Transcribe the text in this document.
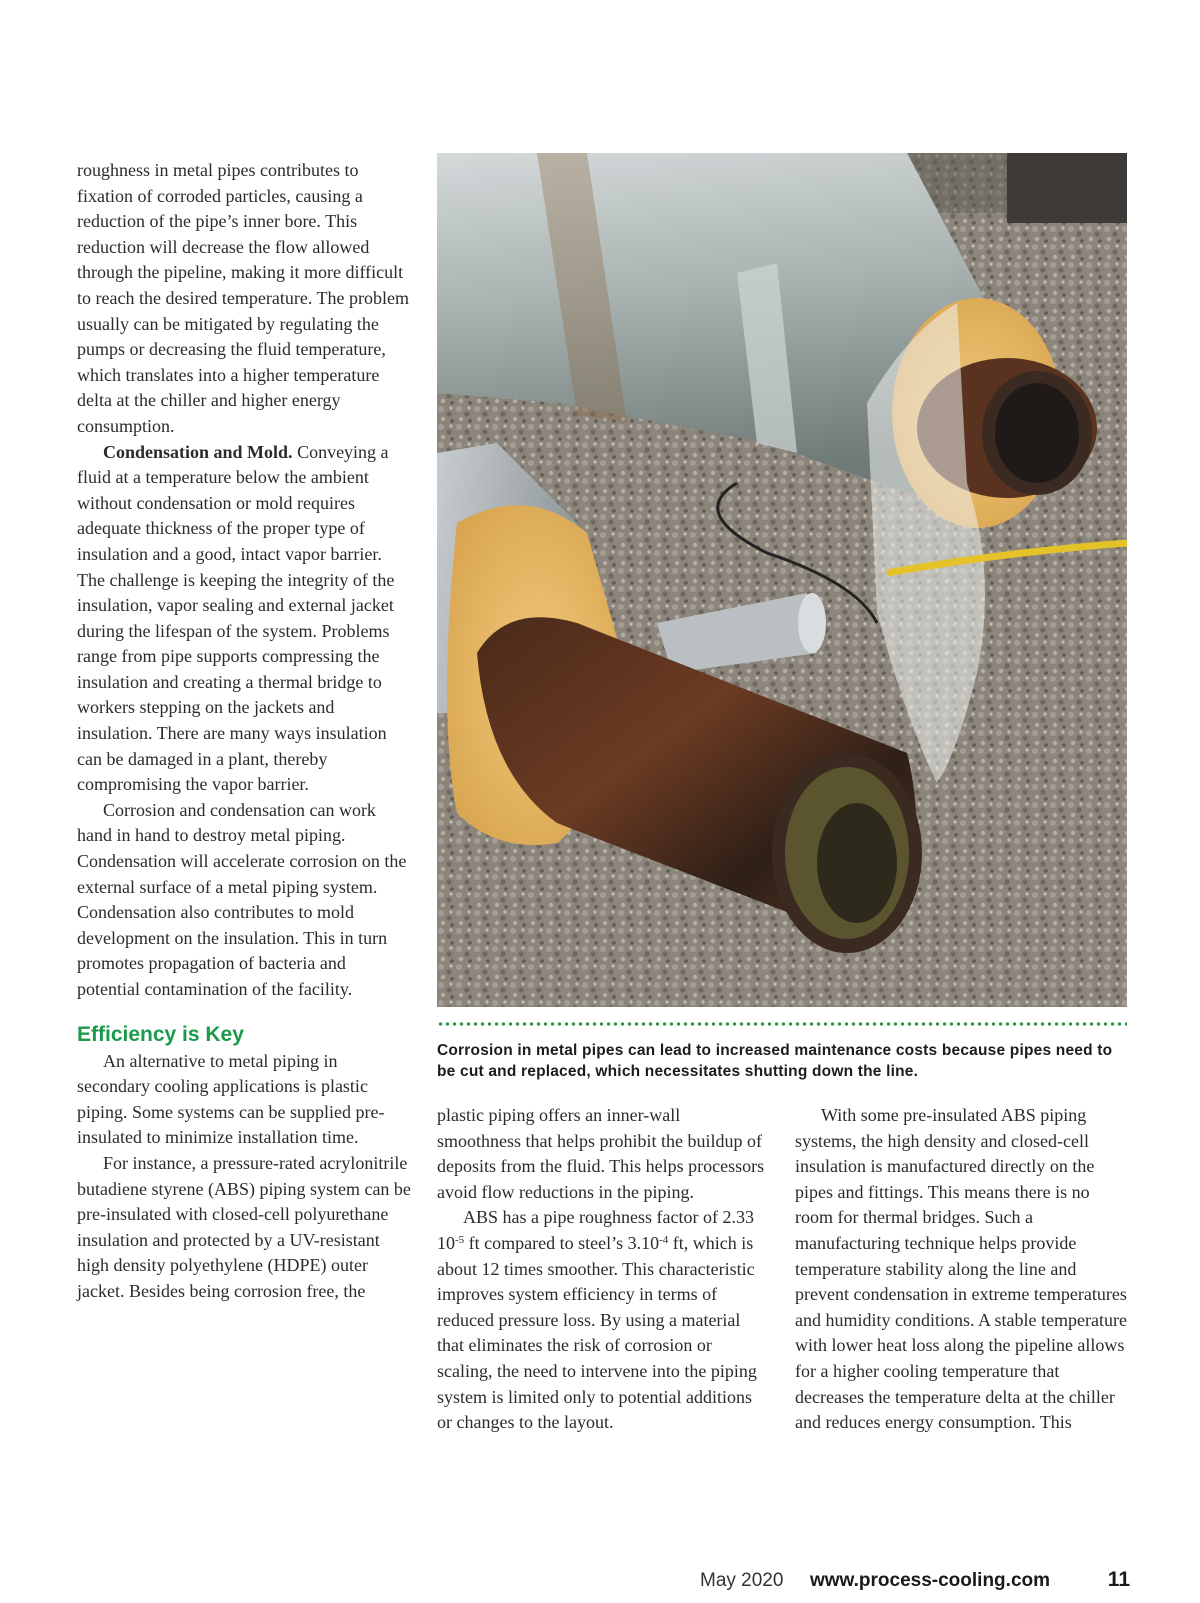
roughness in metal pipes contributes to fixation of corroded particles, causing a reduction of the pipe’s inner bore. This reduction will decrease the flow allowed through the pipeline, making it more difficult to reach the desired temperature. The problem usually can be mitigated by regulating the pumps or decreasing the fluid temperature, which translates into a higher temperature delta at the chiller and higher energy consumption.

Condensation and Mold. Conveying a fluid at a temperature below the ambient without condensation or mold requires adequate thickness of the proper type of insulation and a good, intact vapor barrier. The challenge is keeping the integrity of the insulation, vapor sealing and external jacket during the lifespan of the system. Problems range from pipe supports compressing the insulation and creating a thermal bridge to workers stepping on the jackets and insulation. There are many ways insulation can be damaged in a plant, thereby compromising the vapor barrier.

Corrosion and condensation can work hand in hand to destroy metal piping. Condensation will accelerate corrosion on the external surface of a metal piping system. Condensation also contributes to mold development on the insulation. This in turn promotes propagation of bacteria and potential contamination of the facility.

Efficiency is Key

An alternative to metal piping in secondary cooling applications is plastic piping. Some systems can be supplied pre-insulated to minimize installation time.

For instance, a pressure-rated acrylonitrile butadiene styrene (ABS) piping system can be pre-insulated with closed-cell polyurethane insulation and protected by a UV-resistant high density polyethylene (HDPE) outer jacket. Besides being corrosion free, the

Corrosion in metal pipes can lead to increased maintenance costs because pipes need to be cut and replaced, which necessitates shutting down the line.

plastic piping offers an inner-wall smoothness that helps prohibit the buildup of deposits from the fluid. This helps processors avoid flow reductions in the piping.

ABS has a pipe roughness factor of 2.33 $10^{-5}$ ft compared to steel’s $3.10^{-4}$ ft, which is about 12 times smoother. This characteristic improves system efficiency in terms of reduced pressure loss. By using a material that eliminates the risk of corrosion or scaling, the need to intervene into the piping system is limited only to potential additions or changes to the layout.

With some pre-insulated ABS piping systems, the high density and closed-cell insulation is manufactured directly on the pipes and fittings. This means there is no room for thermal bridges. Such a manufacturing technique helps provide temperature stability along the line and prevent condensation in extreme temperatures and humidity conditions. A stable temperature with lower heat loss along the pipeline allows for a higher cooling temperature that decreases the temperature delta at the chiller and reduces energy consumption. This

May 2020 www.process-cooling.com	11
